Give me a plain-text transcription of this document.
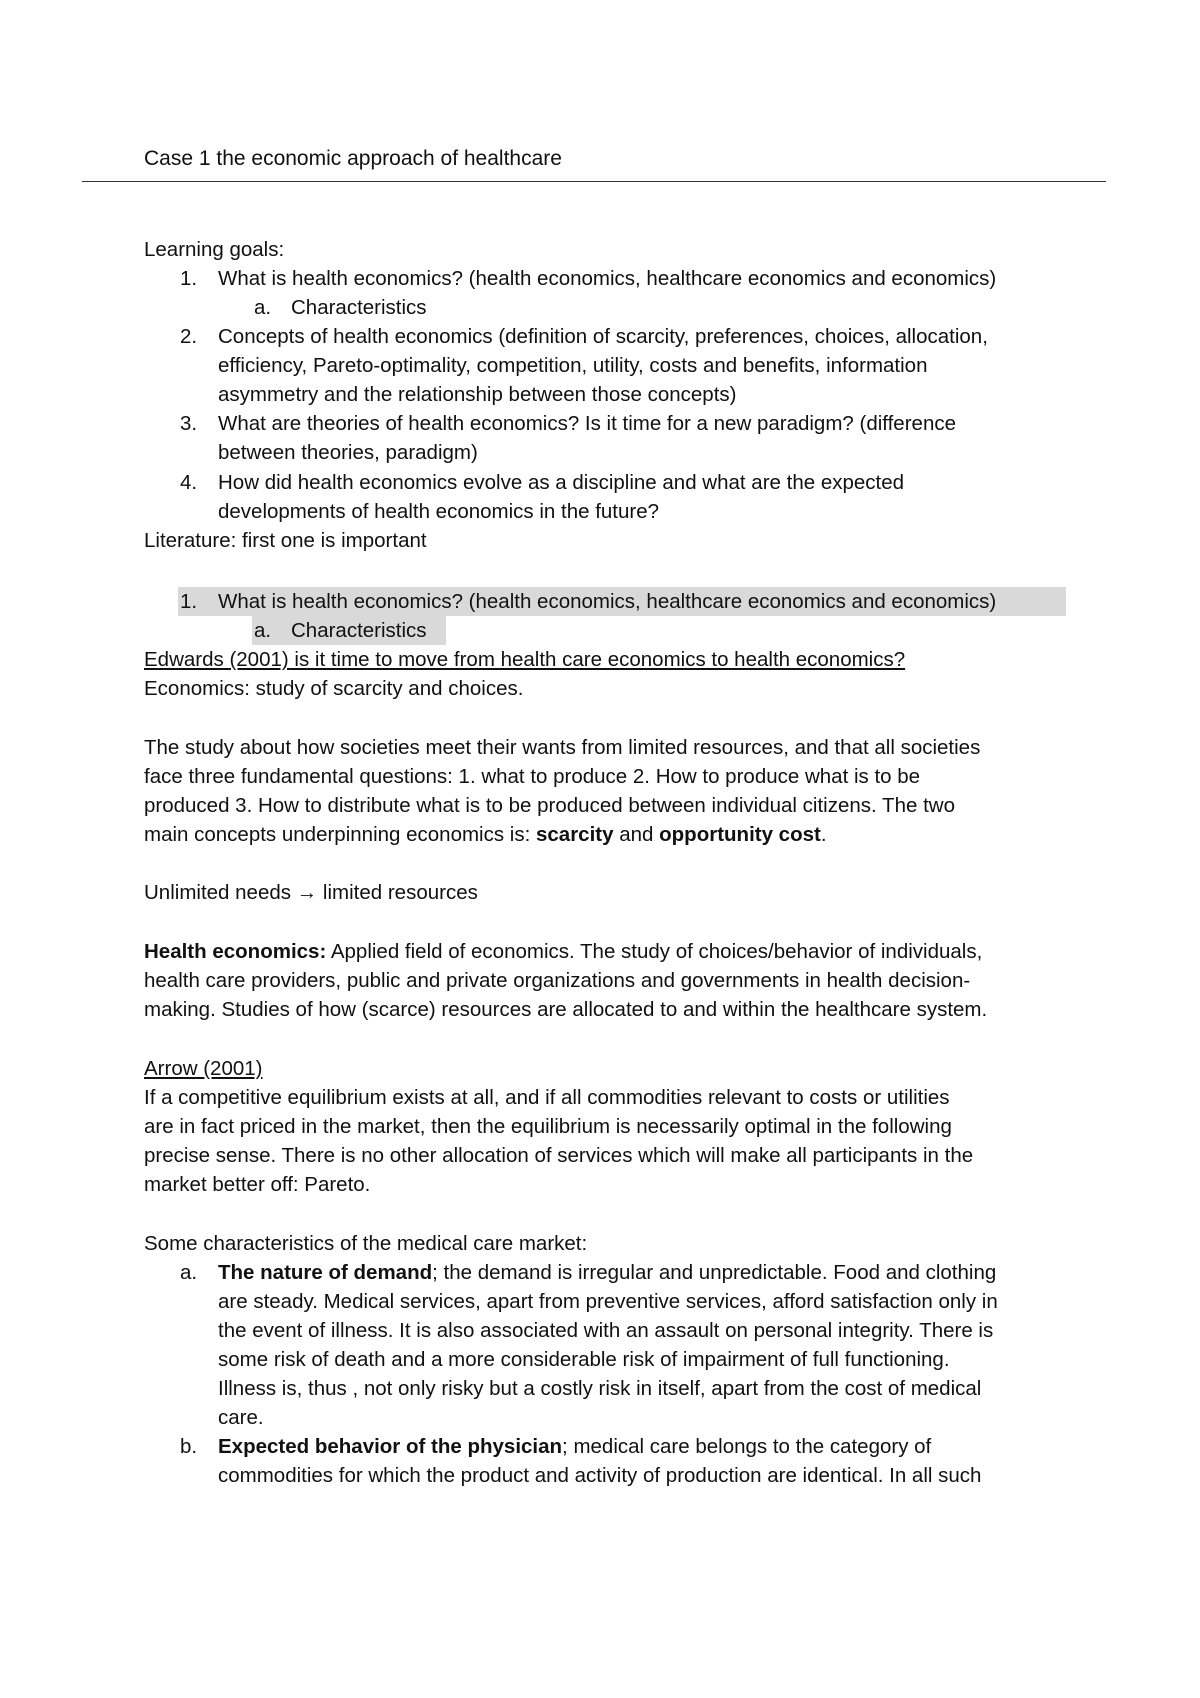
Case 1 the economic approach of healthcare
Learning goals:
1. What is health economics? (health economics, healthcare economics and economics)
a. Characteristics
2. Concepts of health economics (definition of scarcity, preferences, choices, allocation,
efficiency, Pareto-optimality, competition, utility, costs and benefits, information
asymmetry and the relationship between those concepts)
3. What are theories of health economics? Is it time for a new paradigm? (difference
between theories, paradigm)
4. How did health economics evolve as a discipline and what are the expected
developments of health economics in the future?
Literature: first one is important
1. What is health economics? (health economics, healthcare economics and economics)
a. Characteristics
Edwards (2001) is it time to move from health care economics to health economics?
Economics: study of scarcity and choices.
The study about how societies meet their wants from limited resources, and that all societies
face three fundamental questions: 1. what to produce 2. How to produce what is to be
produced 3. How to distribute what is to be produced between individual citizens. The two
main concepts underpinning economics is: scarcity and opportunity cost.
Unlimited needs → limited resources
Health economics: Applied field of economics. The study of choices/behavior of individuals,
health care providers, public and private organizations and governments in health decision-
making. Studies of how (scarce) resources are allocated to and within the healthcare system.
Arrow (2001)
If a competitive equilibrium exists at all, and if all commodities relevant to costs or utilities
are in fact priced in the market, then the equilibrium is necessarily optimal in the following
precise sense. There is no other allocation of services which will make all participants in the
market better off: Pareto.
Some characteristics of the medical care market:
a. The nature of demand; the demand is irregular and unpredictable. Food and clothing
are steady. Medical services, apart from preventive services, afford satisfaction only in
the event of illness. It is also associated with an assault on personal integrity. There is
some risk of death and a more considerable risk of impairment of full functioning.
Illness is, thus , not only risky but a costly risk in itself, apart from the cost of medical
care.
b. Expected behavior of the physician; medical care belongs to the category of
commodities for which the product and activity of production are identical. In all such
